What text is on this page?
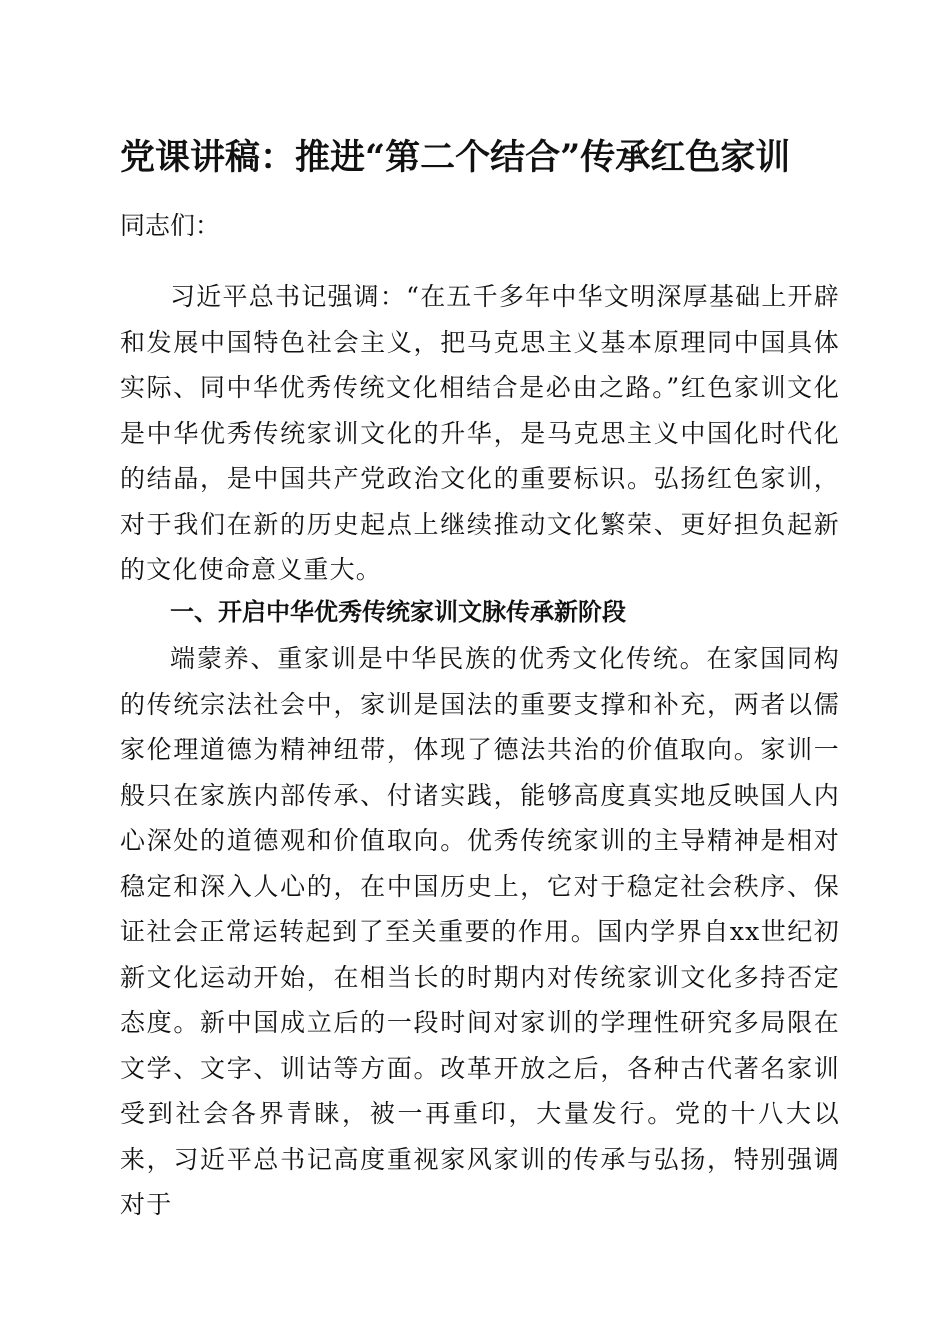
党课讲稿：推进“第二个结合”传承红色家训

同志们：

习近平总书记强调：“在五千多年中华文明深厚基础上开辟和发展中国特色社会主义，把马克思主义基本原理同中国具体实际、同中华优秀传统文化相结合是必由之路。”红色家训文化是中华优秀传统家训文化的升华，是马克思主义中国化时代化的结晶，是中国共产党政治文化的重要标识。弘扬红色家训，对于我们在新的历史起点上继续推动文化繁荣、更好担负起新的文化使命意义重大。

一、开启中华优秀传统家训文脉传承新阶段

端蒙养、重家训是中华民族的优秀文化传统。在家国同构的传统宗法社会中，家训是国法的重要支撑和补充，两者以儒家伦理道德为精神纽带，体现了德法共治的价值取向。家训一般只在家族内部传承、付诸实践，能够高度真实地反映国人内心深处的道德观和价值取向。优秀传统家训的主导精神是相对稳定和深入人心的，在中国历史上，它对于稳定社会秩序、保证社会正常运转起到了至关重要的作用。国内学界自xx世纪初新文化运动开始，在相当长的时期内对传统家训文化多持否定态度。新中国成立后的一段时间对家训的学理性研究多局限在文学、文字、训诂等方面。改革开放之后，各种古代著名家训受到社会各界青睐，被一再重印，大量发行。党的十八大以来，习近平总书记高度重视家风家训的传承与弘扬，特别强调对于
